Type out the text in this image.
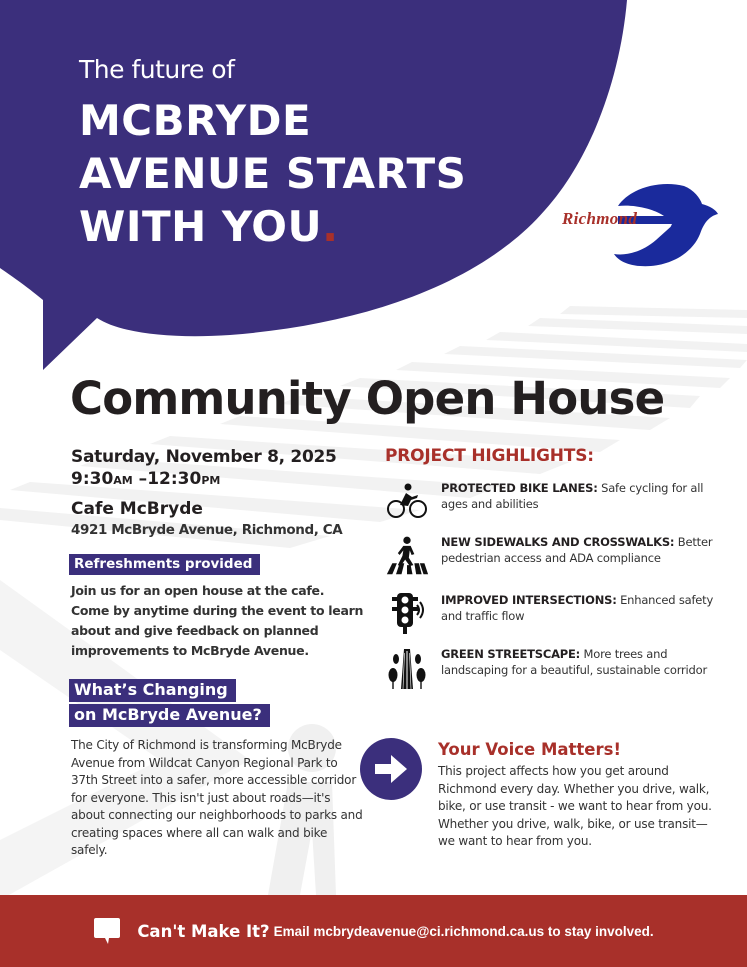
The future of

MCBRYDE
AVENUE STARTS
WITH YOU.	Richmond
Community Open House

Saturday, November 8, 2025

9:30AM –12:30PM

Cafe McBryde

4921 McBryde Avenue, Richmond, CA

Refreshments provided

Join us for an open house at the cafe. Come by anytime during the event to learn about and give feedback on planned improvements to McBryde Avenue.

What’s Changing
on McBryde Avenue?

The City of Richmond is transforming McBryde Avenue from Wildcat Canyon Regional Park to 37th Street into a safer, more accessible corridor for everyone. This isn't just about roads—it's about connecting our neighborhoods to parks and creating spaces where all can walk and bike safely.

PROJECT HIGHLIGHTS:
PROTECTED BIKE LANES: Safe cycling for all ages and abilities
NEW SIDEWALKS AND CROSSWALKS: Better pedestrian access and ADA compliance
IMPROVED INTERSECTIONS: Enhanced safety and traffic flow
GREEN STREETSCAPE: More trees and landscaping for a beautiful, sustainable corridor
Your Voice Matters!

This project affects how you get around Richmond every day. Whether you drive, walk, bike, or use transit - we want to hear from you. Whether you drive, walk, bike, or use transit—we want to hear from you.

Can't Make It? Email mcbrydeavenue@ci.richmond.ca.us to stay involved.
